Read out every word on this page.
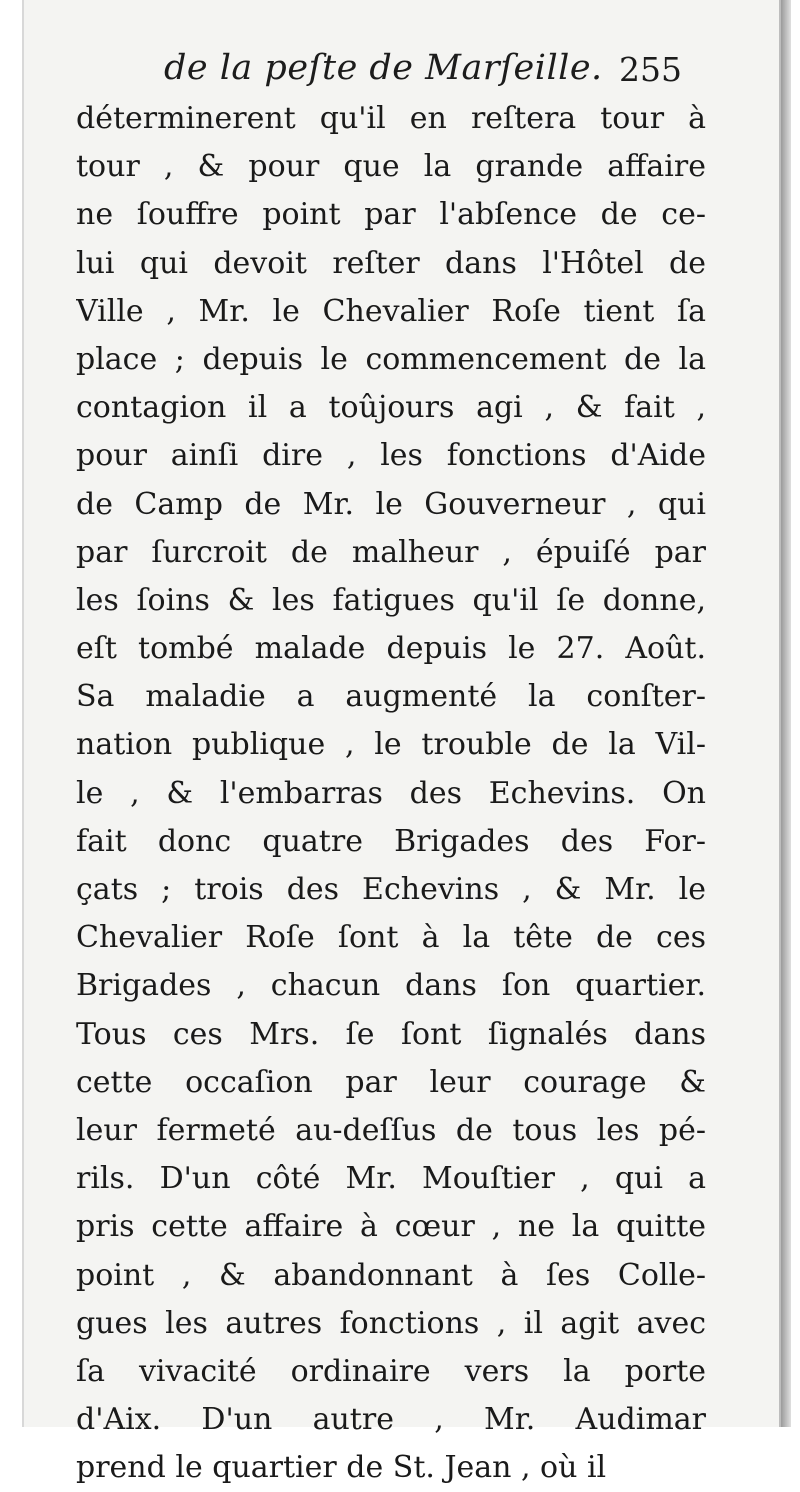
de la peſte de Marſeille. 255
déterminerent qu'il en reſtera tour à
tour , & pour que la grande affaire
ne ſouffre point par l'abſence de ce-
lui qui devoit reſter dans l'Hôtel de
Ville , Mr. le Chevalier Roſe tient ſa
place ; depuis le commencement de la
contagion il a toûjours agi , & fait ,
pour ainſi dire , les fonctions d'Aide
de Camp de Mr. le Gouverneur , qui
par ſurcroit de malheur , épuiſé par
les ſoins & les fatigues qu'il ſe donne,
eſt tombé malade depuis le 27. Août.
Sa maladie a augmenté la conſter-
nation publique , le trouble de la Vil-
le , & l'embarras des Echevins. On
fait donc quatre Brigades des For-
çats ; trois des Echevins , & Mr. le
Chevalier Roſe ſont à la tête de ces
Brigades , chacun dans ſon quartier.
Tous ces Mrs. ſe ſont ſignalés dans
cette occaſion par leur courage &
leur fermeté au-deſſus de tous les pé-
rils. D'un côté Mr. Mouſtier , qui a
pris cette affaire à cœur , ne la quitte
point , & abandonnant à ſes Colle-
gues les autres fonctions , il agit avec
ſa vivacité ordinaire vers la porte
d'Aix. D'un autre , Mr. Audimar
prend le quartier de St. Jean , où il
